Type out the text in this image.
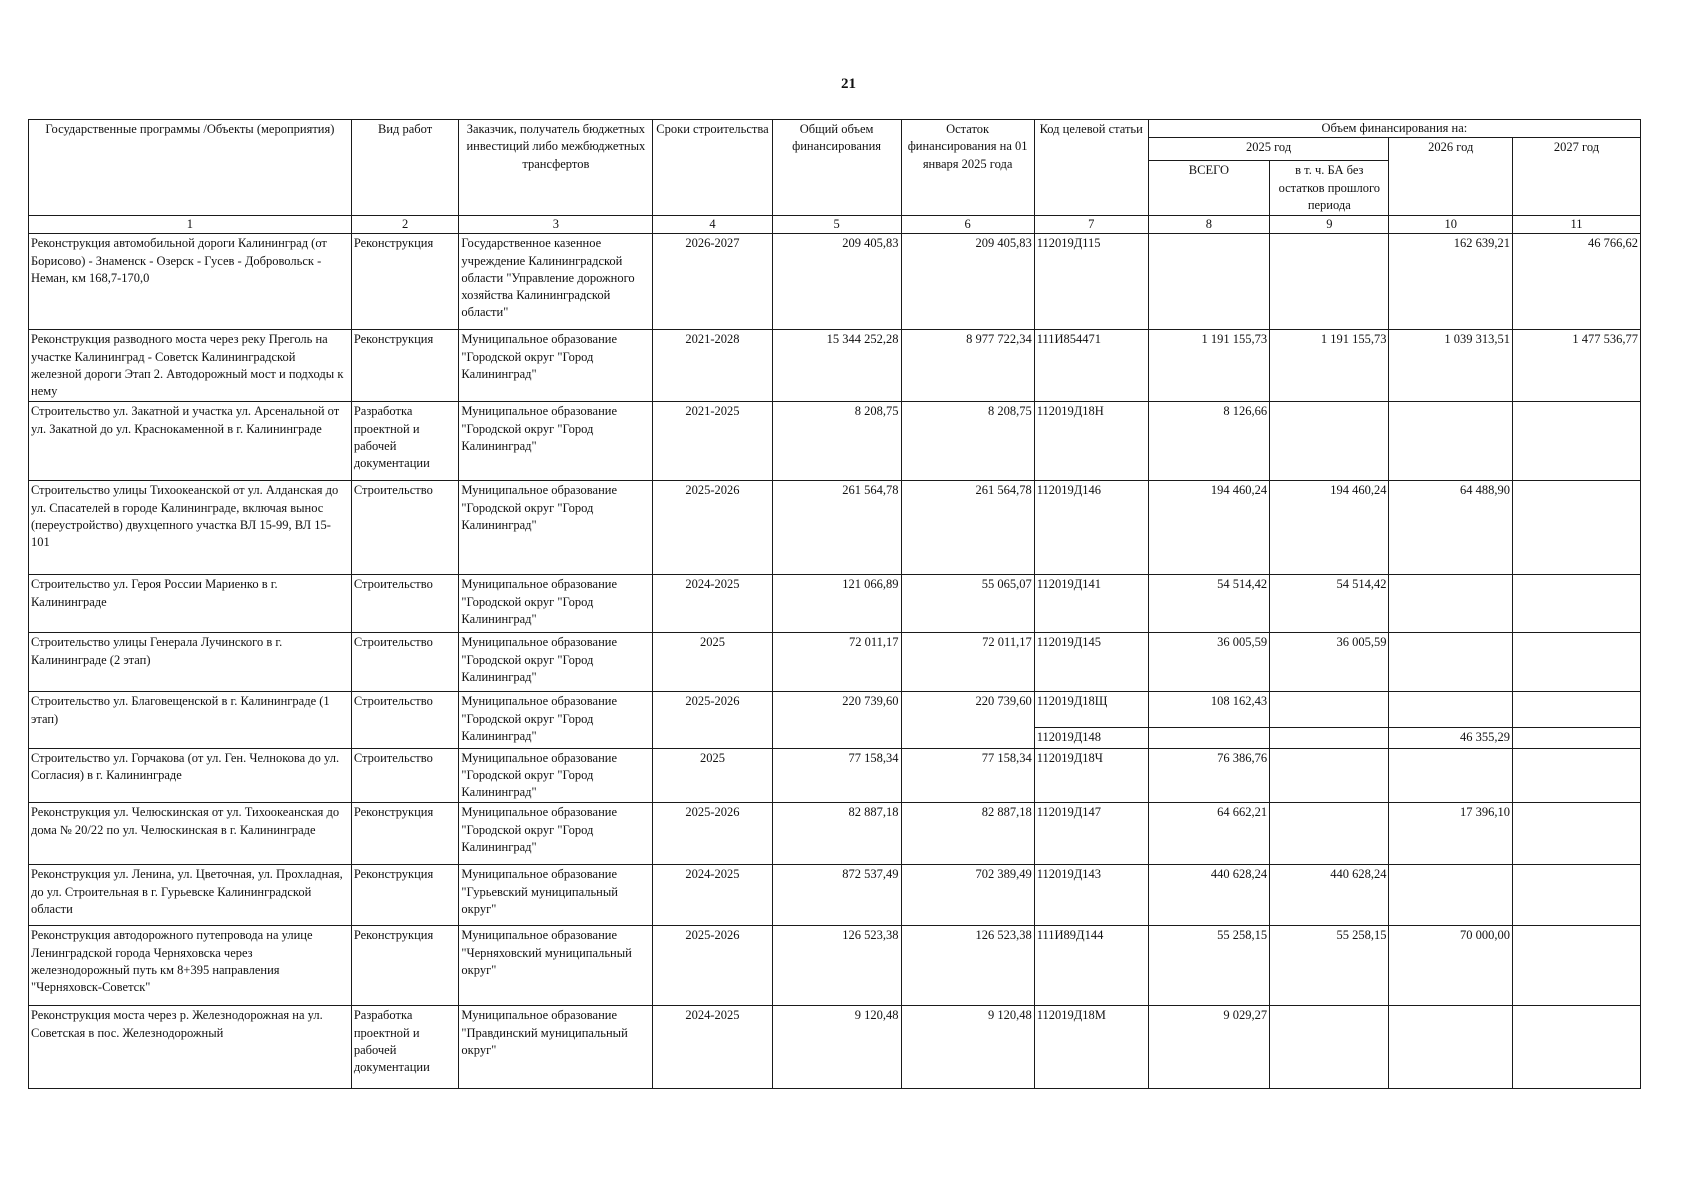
21
Государственные программы /Объекты (мероприятия)	Вид работ	Заказчик, получатель бюджетных инвестиций либо межбюджетных трансфертов	Сроки строительства	Общий объем финансирования	Остаток финансирования на 01 января 2025 года	Код целевой статьи	Объем финансирования на:			
							2025 год		2026 год	2027 год
							ВСЕГО	в т. ч. БА без остатков прошлого периода		
1	2	3	4	5	6	7	8	9	10	11
Реконструкция автомобильной дороги Калининград (от Борисово) - Знаменск - Озерск - Гусев - Добровольск - Неман, км 168,7-170,0	Реконструкция	Государственное казенное учреждение Калининградской области "Управление дорожного хозяйства Калининградской области"	2026-2027	209 405,83	209 405,83	112019Д115			162 639,21	46 766,62
Реконструкция разводного моста через реку Преголь на участке Калининград - Советск Калининградской железной дороги Этап 2. Автодорожный мост и подходы к нему	Реконструкция	Муниципальное образование "Городской округ "Город Калининград"	2021-2028	15 344 252,28	8 977 722,34	111И854471	1 191 155,73	1 191 155,73	1 039 313,51	1 477 536,77
Строительство ул. Закатной и участка ул. Арсенальной от ул. Закатной до ул. Краснокаменной в г. Калининграде	Разработка проектной и рабочей документации	Муниципальное образование "Городской округ "Город Калининград"	2021-2025	8 208,75	8 208,75	112019Д18Н	8 126,66			
Строительство улицы Тихоокеанской от ул. Алданская до ул. Спасателей в городе Калининграде, включая вынос (переустройство) двухцепного участка ВЛ 15-99, ВЛ 15-101	Строительство	Муниципальное образование "Городской округ "Город Калининград"	2025-2026	261 564,78	261 564,78	112019Д146	194 460,24	194 460,24	64 488,90	
Строительство ул. Героя России Мариенко в г. Калининграде	Строительство	Муниципальное образование "Городской округ "Город Калининград"	2024-2025	121 066,89	55 065,07	112019Д141	54 514,42	54 514,42		
Строительство улицы Генерала Лучинского в г. Калининграде (2 этап)	Строительство	Муниципальное образование "Городской округ "Город Калининград"	2025	72 011,17	72 011,17	112019Д145	36 005,59	36 005,59		
Строительство ул. Благовещенской в г. Калининграде (1 этап)	Строительство	Муниципальное образование "Городской округ "Город Калининград"	2025-2026	220 739,60	220 739,60	112019Д18Щ	108 162,43			
						112019Д148			46 355,29	
Строительство ул. Горчакова (от ул. Ген. Челнокова до ул. Согласия) в г. Калининграде	Строительство	Муниципальное образование "Городской округ "Город Калининград"	2025	77 158,34	77 158,34	112019Д18Ч	76 386,76			
Реконструкция ул. Челюскинская от ул. Тихоокеанская до дома № 20/22 по ул. Челюскинская в г. Калининграде	Реконструкция	Муниципальное образование "Городской округ "Город Калининград"	2025-2026	82 887,18	82 887,18	112019Д147	64 662,21		17 396,10	
Реконструкция ул. Ленина, ул. Цветочная, ул. Прохладная, до ул. Строительная в г. Гурьевске Калининградской области	Реконструкция	Муниципальное образование "Гурьевский муниципальный округ"	2024-2025	872 537,49	702 389,49	112019Д143	440 628,24	440 628,24		
Реконструкция автодорожного путепровода на улице Ленинградской города Черняховска через железнодорожный путь км 8+395 направления "Черняховск-Советск"	Реконструкция	Муниципальное образование "Черняховский муниципальный округ"	2025-2026	126 523,38	126 523,38	111И89Д144	55 258,15	55 258,15	70 000,00	
Реконструкция моста через р. Железнодорожная на ул. Советская в пос. Железнодорожный	Разработка проектной и рабочей документации	Муниципальное образование "Правдинский муниципальный округ"	2024-2025	9 120,48	9 120,48	112019Д18М	9 029,27			
